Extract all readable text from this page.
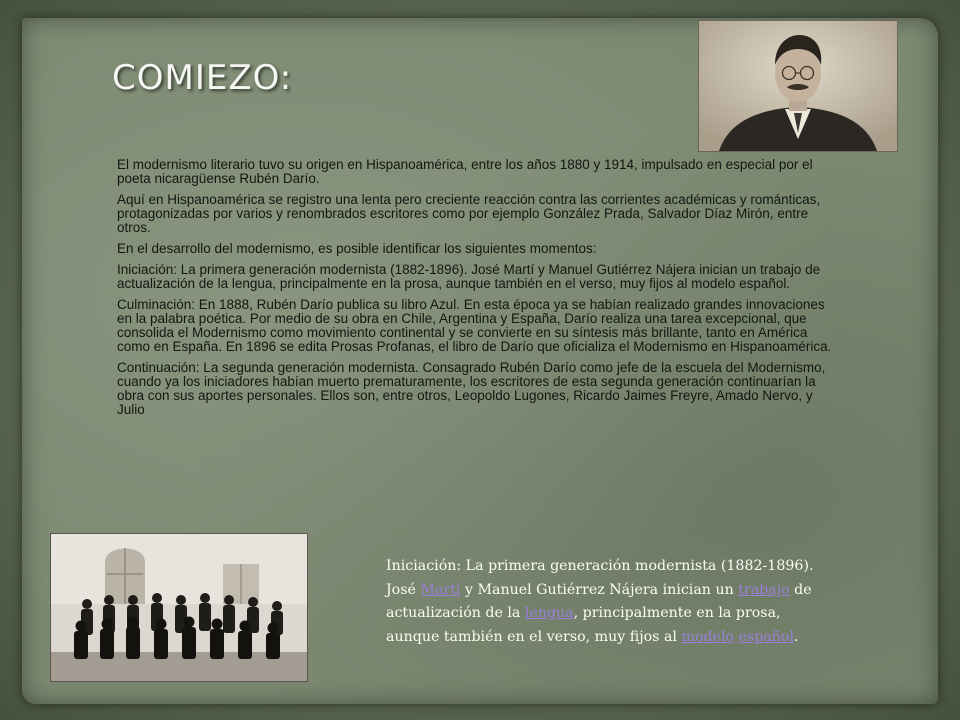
COMIEZO:

El modernismo literario tuvo su origen en Hispanoamérica, entre los años 1880 y 1914, impulsado en especial por el poeta nicaragüense Rubén Darío.

Aquí en Hispanoamérica se registro una lenta pero creciente reacción contra las corrientes académicas y románticas, protagonizadas por varios y renombrados escritores como por ejemplo González Prada, Salvador Díaz Mirón, entre otros.

En el desarrollo del modernismo, es posible identificar los siguientes momentos:

Iniciación: La primera generación modernista (1882-1896). José Martí y Manuel Gutiérrez Nájera inician un trabajo de actualización de la lengua, principalmente en la prosa, aunque también en el verso, muy fijos al modelo español.

Culminación: En 1888, Rubén Darío publica su libro Azul. En esta época ya se habían realizado grandes innovaciones en la palabra poética. Por medio de su obra en Chile, Argentina y España, Darío realiza una tarea excepcional, que consolida el Modernismo como movimiento continental y se convierte en su síntesis más brillante, tanto en América como en España. En 1896 se edita Prosas Profanas, el libro de Darío que oficializa el Modernismo en Hispanoamérica.

Continuación: La segunda generación modernista. Consagrado Rubén Darío como jefe de la escuela del Modernismo, cuando ya los iniciadores habían muerto prematuramente, los escritores de esta segunda generación continuarían la obra con sus aportes personales. Ellos son, entre otros, Leopoldo Lugones, Ricardo Jaimes Freyre, Amado Nervo, y Julio

Iniciación: La primera generación modernista (1882-1896). José Martí y Manuel Gutiérrez Nájera inician un trabajo de actualización de la lengua, principalmente en la prosa, aunque también en el verso, muy fijos al modelo español.
